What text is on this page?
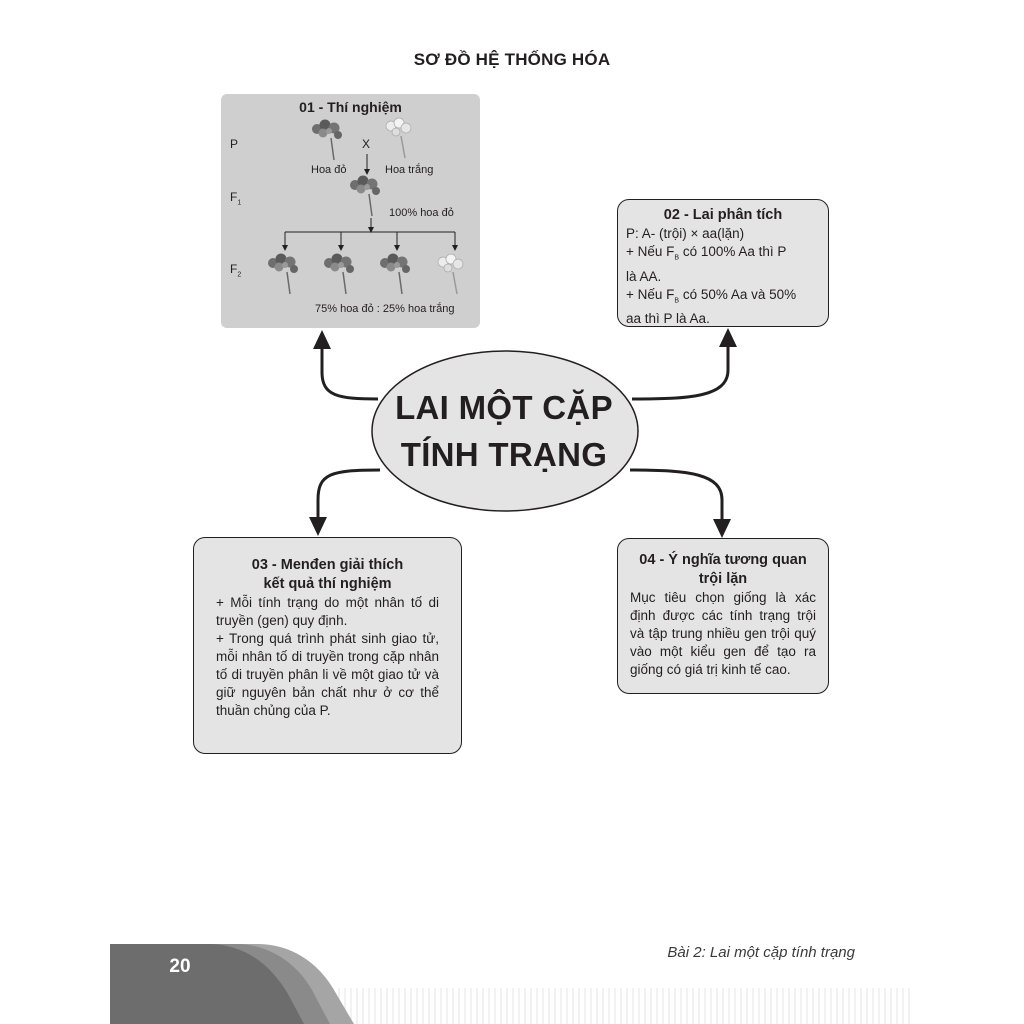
SƠ ĐỒ HỆ THỐNG HÓA
LAI MỘT CẶP
TÍNH TRẠNG
01 - Thí nghiệm
P
$F_1$
$F_2$
X
Hoa đỏ	Hoa trắng
100% hoa đỏ
75% hoa đỏ : 25% hoa trắng
02 - Lai phân tích
P: A- (trội) × aa(lặn)
+ Nếu $F_B$ có 100% Aa thì P
là AA.
+ Nếu $F_B$ có 50% Aa và 50%
aa thì P là Aa.
03 - Menđen giải thích
kết quả thí nghiệm
+ Mỗi tính trạng do một nhân tố di truyền (gen) quy định.
+ Trong quá trình phát sinh giao tử, mỗi nhân tố di truyền trong cặp nhân tố di truyền phân li về một giao tử và giữ nguyên bản chất như ở cơ thể thuần chủng của P.
04 - Ý nghĩa tương quan
trội lặn
Mục tiêu chọn giống là xác định được các tính trạng trội và tập trung nhiều gen trội quý vào một kiểu gen để tạo ra giống có giá trị kinh tế cao.
20
Bài 2: Lai một cặp tính trạng
